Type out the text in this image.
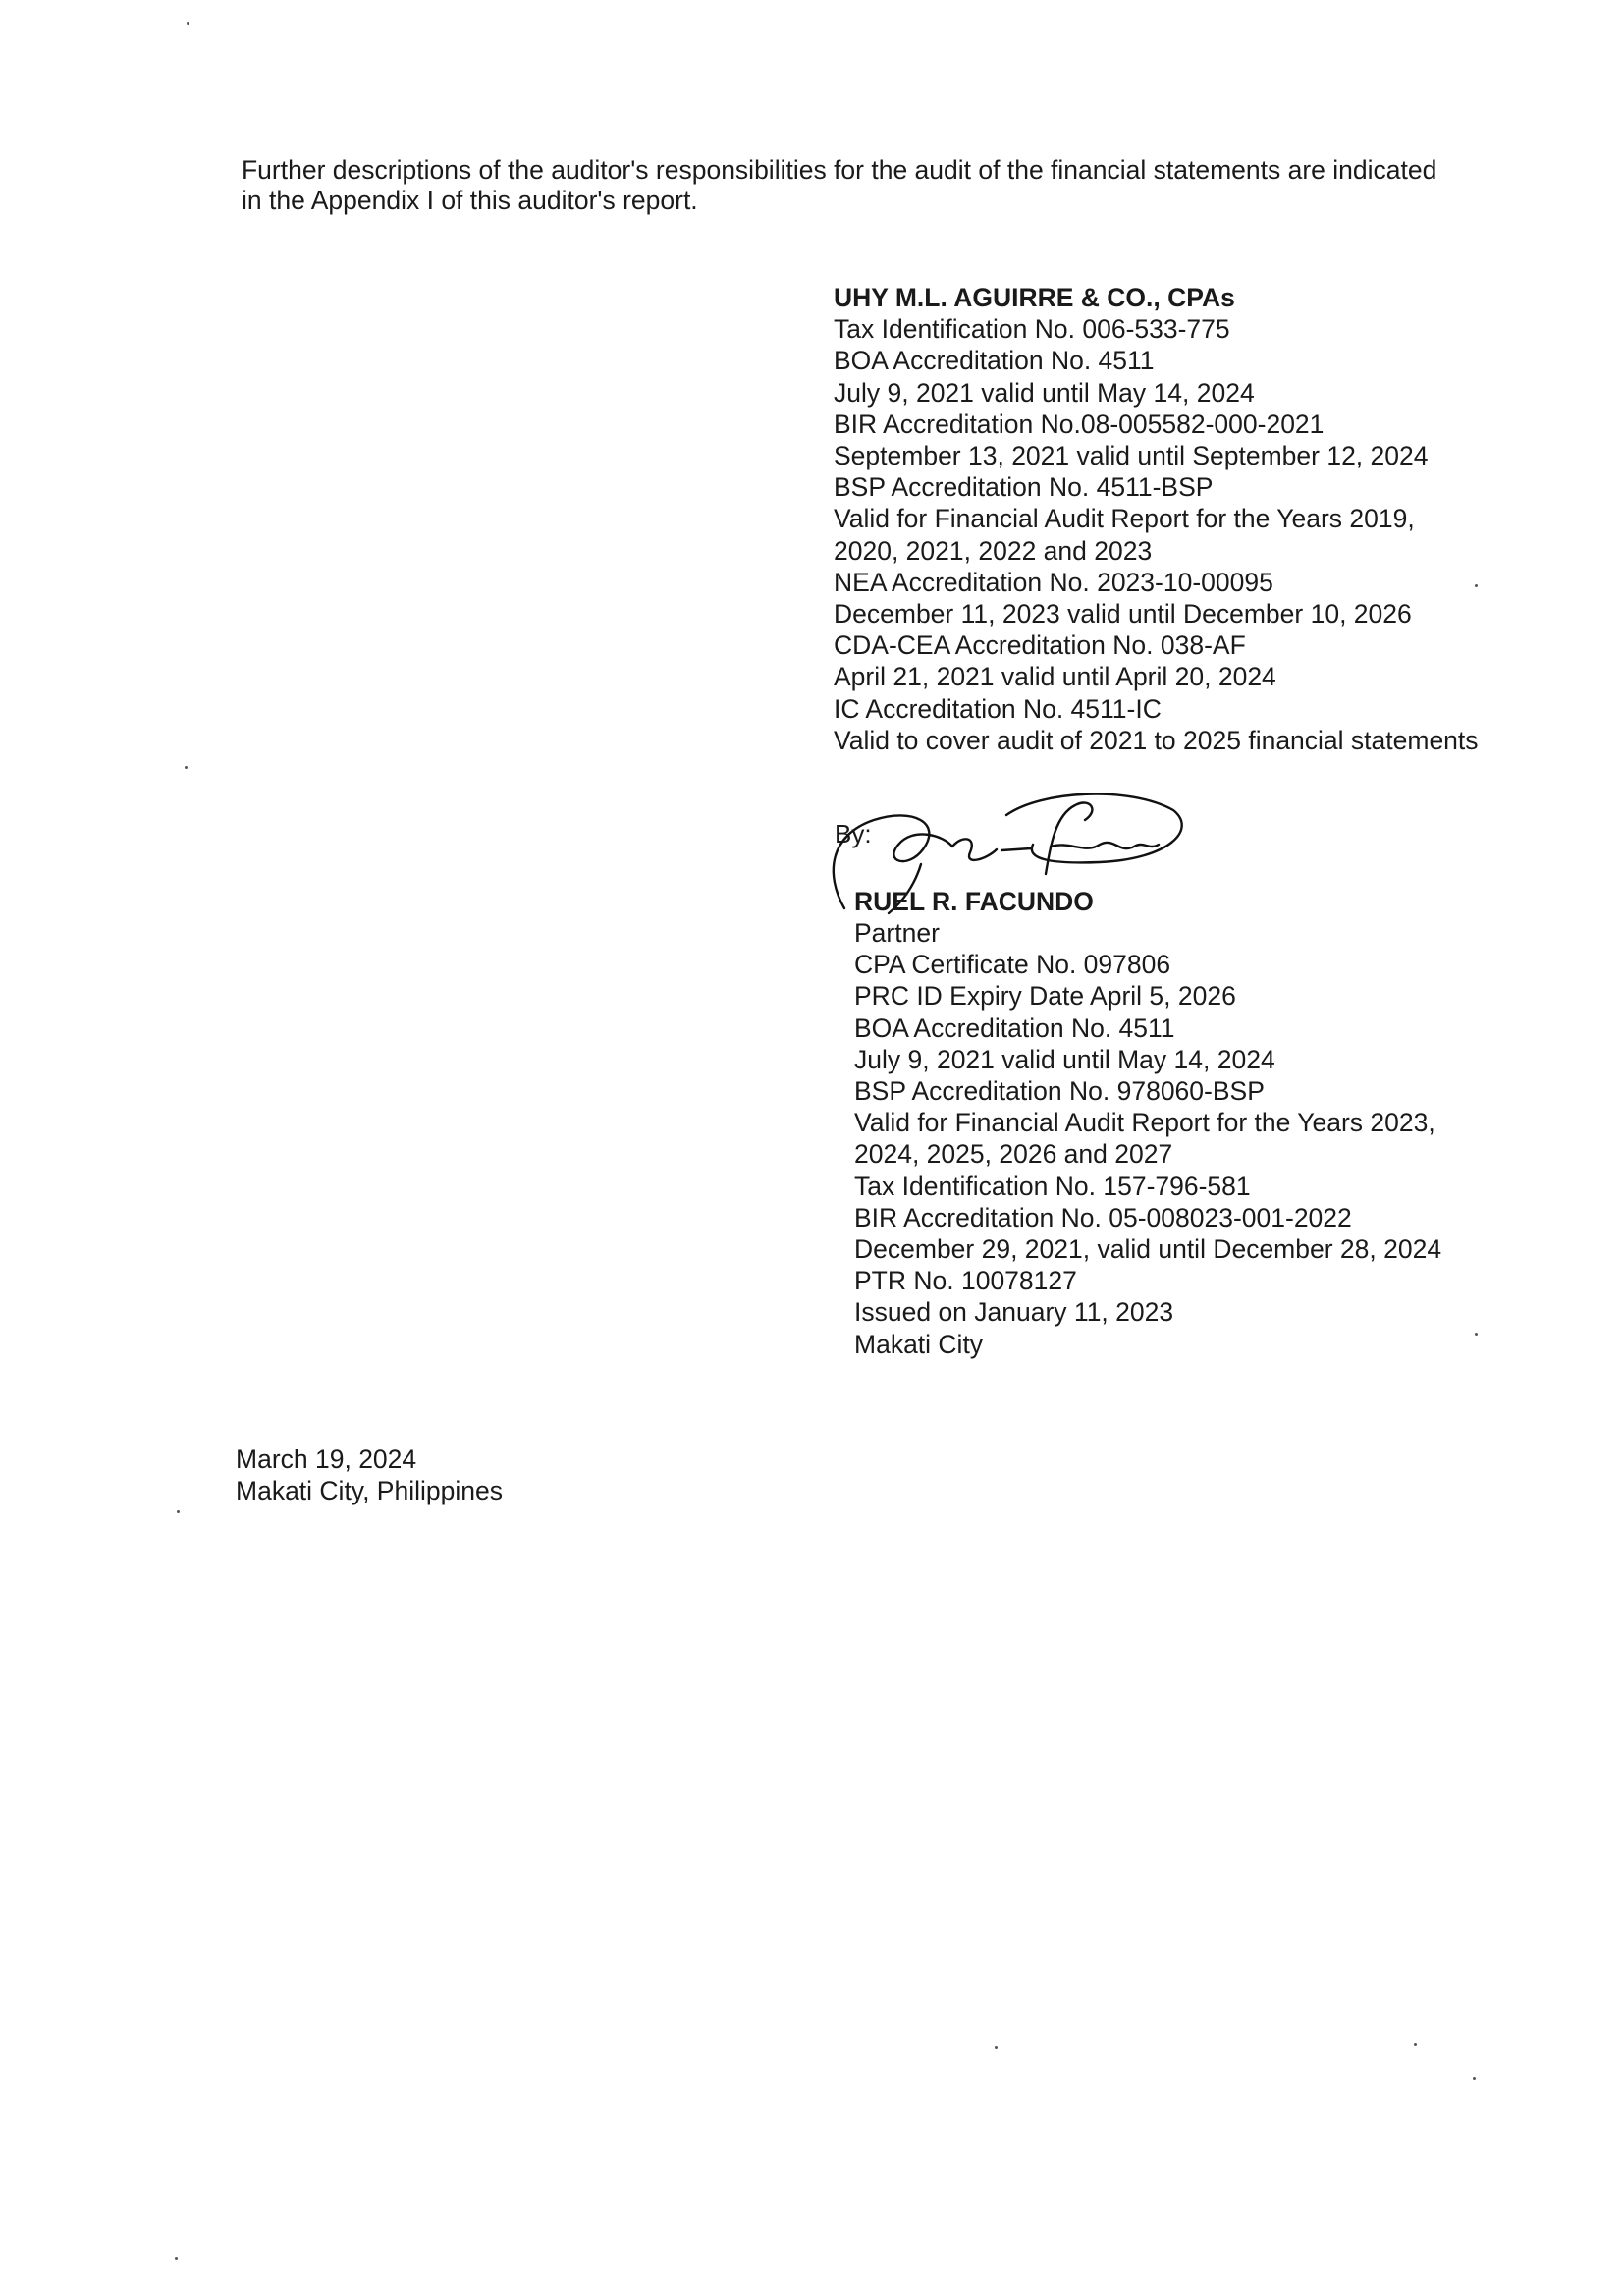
Further descriptions of the auditor's responsibilities for the audit of the financial statements are indicated
in the Appendix I of this auditor's report.
UHY M.L. AGUIRRE & CO., CPAs
Tax Identification No. 006-533-775
BOA Accreditation No. 4511
July 9, 2021 valid until May 14, 2024
BIR Accreditation No.08-005582-000-2021
September 13, 2021 valid until September 12, 2024
BSP Accreditation No. 4511-BSP
Valid for Financial Audit Report for the Years 2019,
2020, 2021, 2022 and 2023
NEA Accreditation No. 2023-10-00095
December 11, 2023 valid until December 10, 2026
CDA-CEA Accreditation No. 038-AF
April 21, 2021 valid until April 20, 2024
IC Accreditation No. 4511-IC
Valid to cover audit of 2021 to 2025 financial statements
By:
RUEL R. FACUNDO
Partner
CPA Certificate No. 097806
PRC ID Expiry Date April 5, 2026
BOA Accreditation No. 4511
July 9, 2021 valid until May 14, 2024
BSP Accreditation No. 978060-BSP
Valid for Financial Audit Report for the Years 2023,
2024, 2025, 2026 and 2027
Tax Identification No. 157-796-581
BIR Accreditation No. 05-008023-001-2022
December 29, 2021, valid until December 28, 2024
PTR No. 10078127
Issued on January 11, 2023
Makati City
March 19, 2024
Makati City, Philippines
